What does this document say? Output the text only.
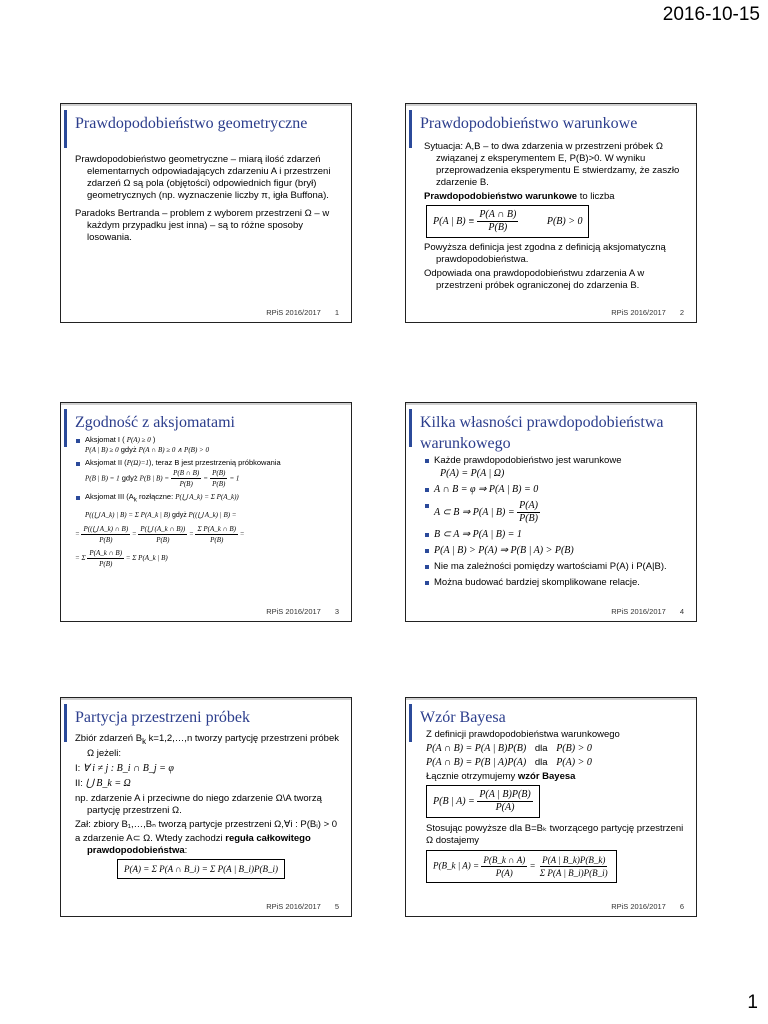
2016-10-15
Prawdopodobieństwo geometryczne

Prawdopodobieństwo geometryczne – miarą ilość zdarzeń elementarnych odpowiadających zdarzeniu A i przestrzeni zdarzeń Ω są pola (objętości) odpowiednich figur (brył) geometrycznych (np. wyznaczenie liczby π, igła Buffona).

Paradoks Bertranda – problem z wyborem przestrzeni Ω – w każdym przypadku jest inna) – są to różne sposoby losowania.

RPiS 2016/2017 1
Prawdopodobieństwo warunkowe

Sytuacja: A,B – to dwa zdarzenia w przestrzeni próbek Ω związanej z eksperymentem E, P(B)>0. W wyniku przeprowadzenia eksperymentu E stwierdzamy, że zaszło zdarzenie B.

Prawdopodobieństwo warunkowe to liczba

P(A | $B) \equiv \frac{P(A \cap B)}{P(B)}$	P(B) > 0

Powyższa definicja jest zgodna z definicją aksjomatyczną prawdopodobieństwa.

Odpowiada ona prawdopodobieństwu zdarzenia A w przestrzeni próbek ograniczonej do zdarzenia B.

RPiS 2016/2017 2
Zgodność z aksjomatami
Aksjomat I ( P(A) ≥ 0 )
P(A | B) ≥ 0 gdyż P(A ∩ B) ≥ 0 ∧ P(B) > 0
Aksjomat II (P(Ω)=1), teraz B jest przestrzenią próbkowania
P(B | B) = 1 gdyż P(B | $B) = \frac{P(B \cap B)}{P(B)} = \frac{P(B)}{P(B)} = 1$
Aksjomat III ($A_k$ rozłączne: P(⋃ A_k) = Σ P(A_k))
P((⋃ A_k) | B) = Σ P(A_k | B) gdyż P((⋃ A_k) | B) =
= $\frac{P((⋃ A\_k) \cap B)}{P(B)} = \frac{P(⋃ (A\_k \cap B))}{P(B)} = \frac{\text{Σ P(A\_k ∩ B)}}{P(B)}$ =
= Σ $\frac{P(A\_k \cap B)}{P(B)} = \Sigma$ P(A_k | B)
RPiS 2016/2017 3
Kilka własności prawdopodobieństwa warunkowego
Każde prawdopodobieństwo jest warunkowe
P(A) = P(A | Ω)
A ∩ B = φ ⇒ P(A | B) = 0
A ⊂ B ⇒ P(A | $B) = \frac{P(A)}{P(B)}$
B ⊂ A ⇒ P(A | B) = 1
P(A | B) > P(A) ⇒ P(B | A) > P(B)
Nie ma zależności pomiędzy wartościami P(A) i P(A|B).
Można budować bardziej skomplikowane relacje.
RPiS 2016/2017 4
Partycja przestrzeni próbek

Zbiór zdarzeń $B_k$ k=1,2,…,n tworzy partycję przestrzeni próbek Ω jeżeli:

I: ∀ i ≠ j : B_i ∩ B_j = φ

II: ⋃ B_k = Ω

np. zdarzenie A i przeciwne do niego zdarzenie Ω\A tworzą partycję przestrzeni Ω.

Zał: zbiory B₁,…,Bₙ tworzą partycje przestrzeni Ω,∀i : P(Bᵢ) > 0

a zdarzenie A⊂ Ω. Wtedy zachodzi reguła całkowitego prawdopodobieństwa:

P(A) = Σ P(A ∩ B_i) = Σ P(A | B_i)P(B_i)
RPiS 2016/2017 5
Wzór Bayesa

Z definicji prawdopodobieństwa warunkowego

P(A ∩ B) = P(A | B)P(B) dla P(B) > 0
P(A ∩ B) = P(B | A)P(A) dla P(A) > 0

Łącznie otrzymujemy wzór Bayesa

P(B | $A) = \frac{P(A | B)P(B)}{P(A)}$

Stosując powyższe dla B=Bₖ tworzącego partycję przestrzeni Ω dostajemy

P(B_k | $A) = \frac{P(B\_k \cap A)}{P(A)} = \frac{P(A | B\_k)P(B\_k)}{\text{Σ P(A | B\_i)P(B\_i)}}$
RPiS 2016/2017 6
1
